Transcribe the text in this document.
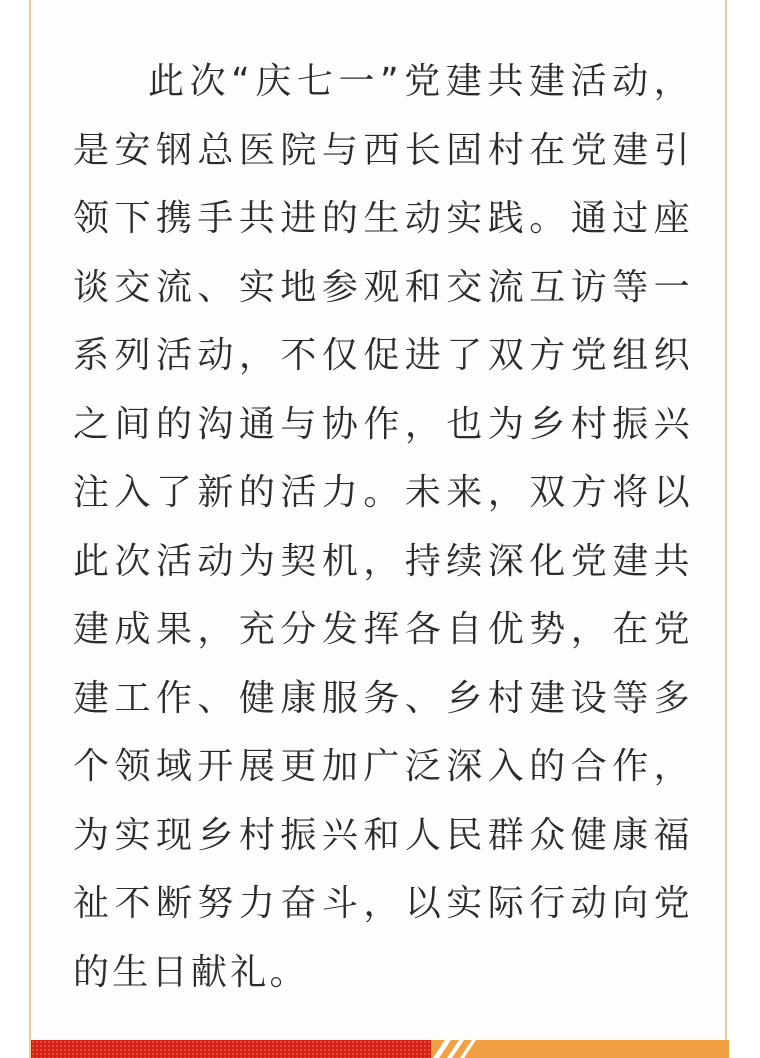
此次“庆七一”党建共建活动，是安钢总医院与西长固村在党建引领下携手共进的生动实践。通过座谈交流、实地参观和交流互访等一系列活动，不仅促进了双方党组织之间的沟通与协作，也为乡村振兴注入了新的活力。未来，双方将以此次活动为契机，持续深化党建共建成果，充分发挥各自优势，在党建工作、健康服务、乡村建设等多个领域开展更加广泛深入的合作，为实现乡村振兴和人民群众健康福祉不断努力奋斗，以实际行动向党的生日献礼。
